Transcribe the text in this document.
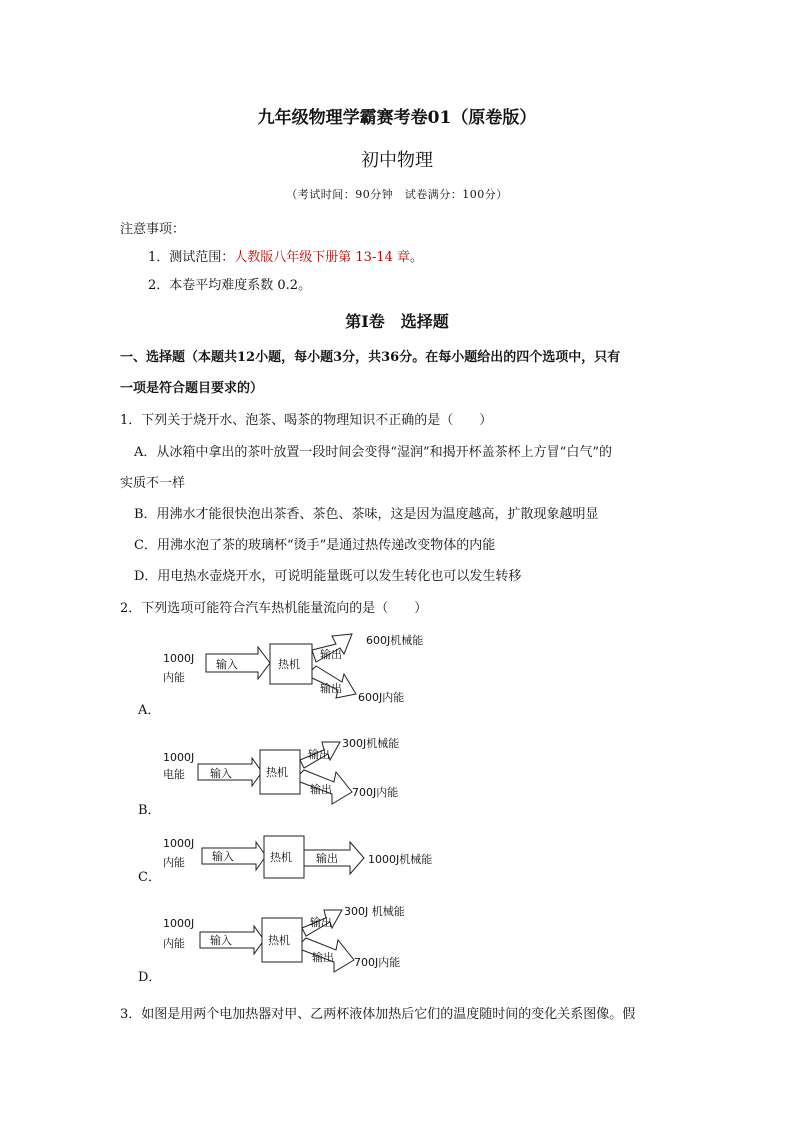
九年级物理学霸赛考卷01（原卷版）
初中物理
（考试时间：90分钟　试卷满分：100分）
注意事项：
1．测试范围：人教版八年级下册第 13-14 章。
2．本卷平均难度系数 0.2。
第Ⅰ卷　选择题
一、选择题（本题共12小题，每小题3分，共36分。在每小题给出的四个选项中，只有
一项是符合题目要求的）
1．下列关于烧开水、泡茶、喝茶的物理知识不正确的是（　　）
A．从冰箱中拿出的茶叶放置一段时间会变得“湿润”和揭开杯盖茶杯上方冒“白气”的
实质不一样
B．用沸水才能很快泡出茶香、茶色、茶味，这是因为温度越高，扩散现象越明显
C．用沸水泡了茶的玻璃杯“烫手”是通过热传递改变物体的内能
D．用电热水壶烧开水，可说明能量既可以发生转化也可以发生转移
2．下列选项可能符合汽车热机能量流向的是（　　）
1000J
内能
输入	热机
输出
输出
600J机械能
600J内能
A．
1000J
电能 输入	热机
输出
输出
300J机械能
700J内能
B．
1000J
内能 输入	热机 输出	1000J机械能
C．
1000J
内能 输入	热机
输出
输出
300J 机械能
700J内能
D．
3．如图是用两个电加热器对甲、乙两杯液体加热后它们的温度随时间的变化关系图像。假
